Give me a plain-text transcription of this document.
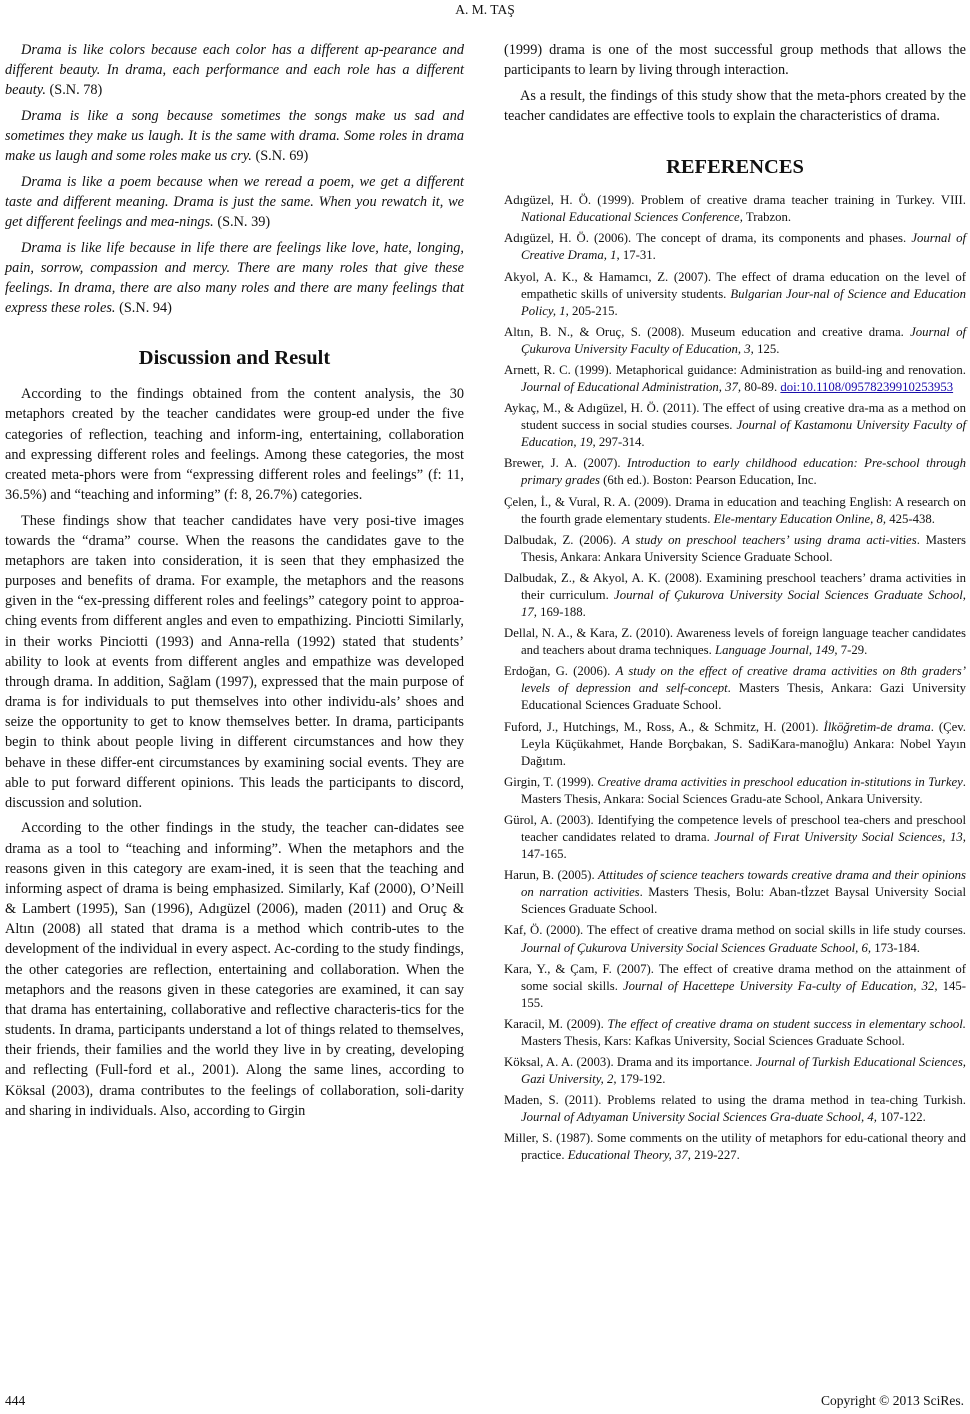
A. M. TAŞ

Drama is like colors because each color has a different ap-pearance and different beauty. In drama, each performance and each role has a different beauty. (S.N. 78)

Drama is like a song because sometimes the songs make us sad and sometimes they make us laugh. It is the same with drama. Some roles in drama make us laugh and some roles make us cry. (S.N. 69)

Drama is like a poem because when we reread a poem, we get a different taste and different meaning. Drama is just the same. When you rewatch it, we get different feelings and mea-nings. (S.N. 39)

Drama is like life because in life there are feelings like love, hate, longing, pain, sorrow, compassion and mercy. There are many roles that give these feelings. In drama, there are also many roles and there are many feelings that express these roles. (S.N. 94)

Discussion and Result

According to the findings obtained from the content analysis, the 30 metaphors created by the teacher candidates were group-ed under the five categories of reflection, teaching and inform-ing, entertaining, collaboration and expressing different roles and feelings. Among these categories, the most created meta-phors were from “expressing different roles and feelings” (f: 11, 36.5%) and “teaching and informing” (f: 8, 26.7%) categories.

These findings show that teacher candidates have very posi-tive images towards the “drama” course. When the reasons the candidates gave to the metaphors are taken into consideration, it is seen that they emphasized the purposes and benefits of drama. For example, the metaphors and the reasons given in the “ex-pressing different roles and feelings” category point to approa-ching events from different angles and even to empathizing. Pinciotti Similarly, in their works Pinciotti (1993) and Anna-rella (1992) stated that students’ ability to look at events from different angles and empathize was developed through drama. In addition, Sağlam (1997), expressed that the main purpose of drama is for individuals to put themselves into other individu-als’ shoes and seize the opportunity to get to know themselves better. In drama, participants begin to think about people living in different circumstances and how they behave in these differ-ent circumstances by examining social events. They are able to put forward different opinions. This leads the participants to discord, discussion and solution.

According to the other findings in the study, the teacher can-didates see drama as a tool to “teaching and informing”. When the metaphors and the reasons given in this category are exam-ined, it is seen that the teaching and informing aspect of drama is being emphasized. Similarly, Kaf (2000), O’Neill & Lambert (1995), San (1996), Adıgüzel (2006), maden (2011) and Oruç & Altın (2008) all stated that drama is a method which contrib-utes to the development of the individual in every aspect. Ac-cording to the study findings, the other categories are reflection, entertaining and collaboration. When the metaphors and the reasons given in these categories are examined, it can say that drama has entertaining, collaborative and reflective characteris-tics for the students. In drama, participants understand a lot of things related to themselves, their friends, their families and the world they live in by creating, developing and reflecting (Full-ford et al., 2001). Along the same lines, according to Köksal (2003), drama contributes to the feelings of collaboration, soli-darity and sharing in individuals. Also, according to Girgin

(1999) drama is one of the most successful group methods that allows the participants to learn by living through interaction.

As a result, the findings of this study show that the meta-phors created by the teacher candidates are effective tools to explain the characteristics of drama.

REFERENCES

Adıgüzel, H. Ö. (1999). Problem of creative drama teacher training in Turkey. VIII. National Educational Sciences Conference, Trabzon.

Adıgüzel, H. Ö. (2006). The concept of drama, its components and phases. Journal of Creative Drama, 1, 17-31.

Akyol, A. K., & Hamamcı, Z. (2007). The effect of drama education on the level of empathetic skills of university students. Bulgarian Jour-nal of Science and Education Policy, 1, 205-215.

Altın, B. N., & Oruç, S. (2008). Museum education and creative drama. Journal of Çukurova University Faculty of Education, 3, 125.

Arnett, R. C. (1999). Metaphorical guidance: Administration as build-ing and renovation. Journal of Educational Administration, 37, 80-89. doi:10.1108/09578239910253953

Aykaç, M., & Adıgüzel, H. Ö. (2011). The effect of using creative dra-ma as a method on student success in social studies courses. Journal of Kastamonu University Faculty of Education, 19, 297-314.

Brewer, J. A. (2007). Introduction to early childhood education: Pre-school through primary grades (6th ed.). Boston: Pearson Education, Inc.

Çelen, İ., & Vural, R. A. (2009). Drama in education and teaching English: A research on the fourth grade elementary students. Ele-mentary Education Online, 8, 425-438.

Dalbudak, Z. (2006). A study on preschool teachers’ using drama acti-vities. Masters Thesis, Ankara: Ankara University Science Graduate School.

Dalbudak, Z., & Akyol, A. K. (2008). Examining preschool teachers’ drama activities in their curriculum. Journal of Çukurova University Social Sciences Graduate School, 17, 169-188.

Dellal, N. A., & Kara, Z. (2010). Awareness levels of foreign language teacher candidates and teachers about drama techniques. Language Journal, 149, 7-29.

Erdoğan, G. (2006). A study on the effect of creative drama activities on 8th graders’ levels of depression and self-concept. Masters Thesis, Ankara: Gazi University Educational Sciences Graduate School.

Fuford, J., Hutchings, M., Ross, A., & Schmitz, H. (2001). İlköğretim-de drama. (Çev. Leyla Küçükahmet, Hande Borçbakan, S. SadiKara-manoğlu) Ankara: Nobel Yayın Dağıtım.

Girgin, T. (1999). Creative drama activities in preschool education in-stitutions in Turkey. Masters Thesis, Ankara: Social Sciences Gradu-ate School, Ankara University.

Gürol, A. (2003). Identifying the competence levels of preschool tea-chers and preschool teacher candidates related to drama. Journal of Fırat University Social Sciences, 13, 147-165.

Harun, B. (2005). Attitudes of science teachers towards creative drama and their opinions on narration activities. Masters Thesis, Bolu: Aban-tİzzet Baysal University Social Sciences Graduate School.

Kaf, Ö. (2000). The effect of creative drama method on social skills in life study courses. Journal of Çukurova University Social Sciences Graduate School, 6, 173-184.

Kara, Y., & Çam, F. (2007). The effect of creative drama method on the attainment of some social skills. Journal of Hacettepe University Fa-culty of Education, 32, 145-155.

Karacil, M. (2009). The effect of creative drama on student success in elementary school. Masters Thesis, Kars: Kafkas University, Social Sciences Graduate School.

Köksal, A. A. (2003). Drama and its importance. Journal of Turkish Educational Sciences, Gazi University, 2, 179-192.

Maden, S. (2011). Problems related to using the drama method in tea-ching Turkish. Journal of Adıyaman University Social Sciences Gra-duate School, 4, 107-122.

Miller, S. (1987). Some comments on the utility of metaphors for edu-cational theory and practice. Educational Theory, 37, 219-227.

444	Copyright © 2013 SciRes.
